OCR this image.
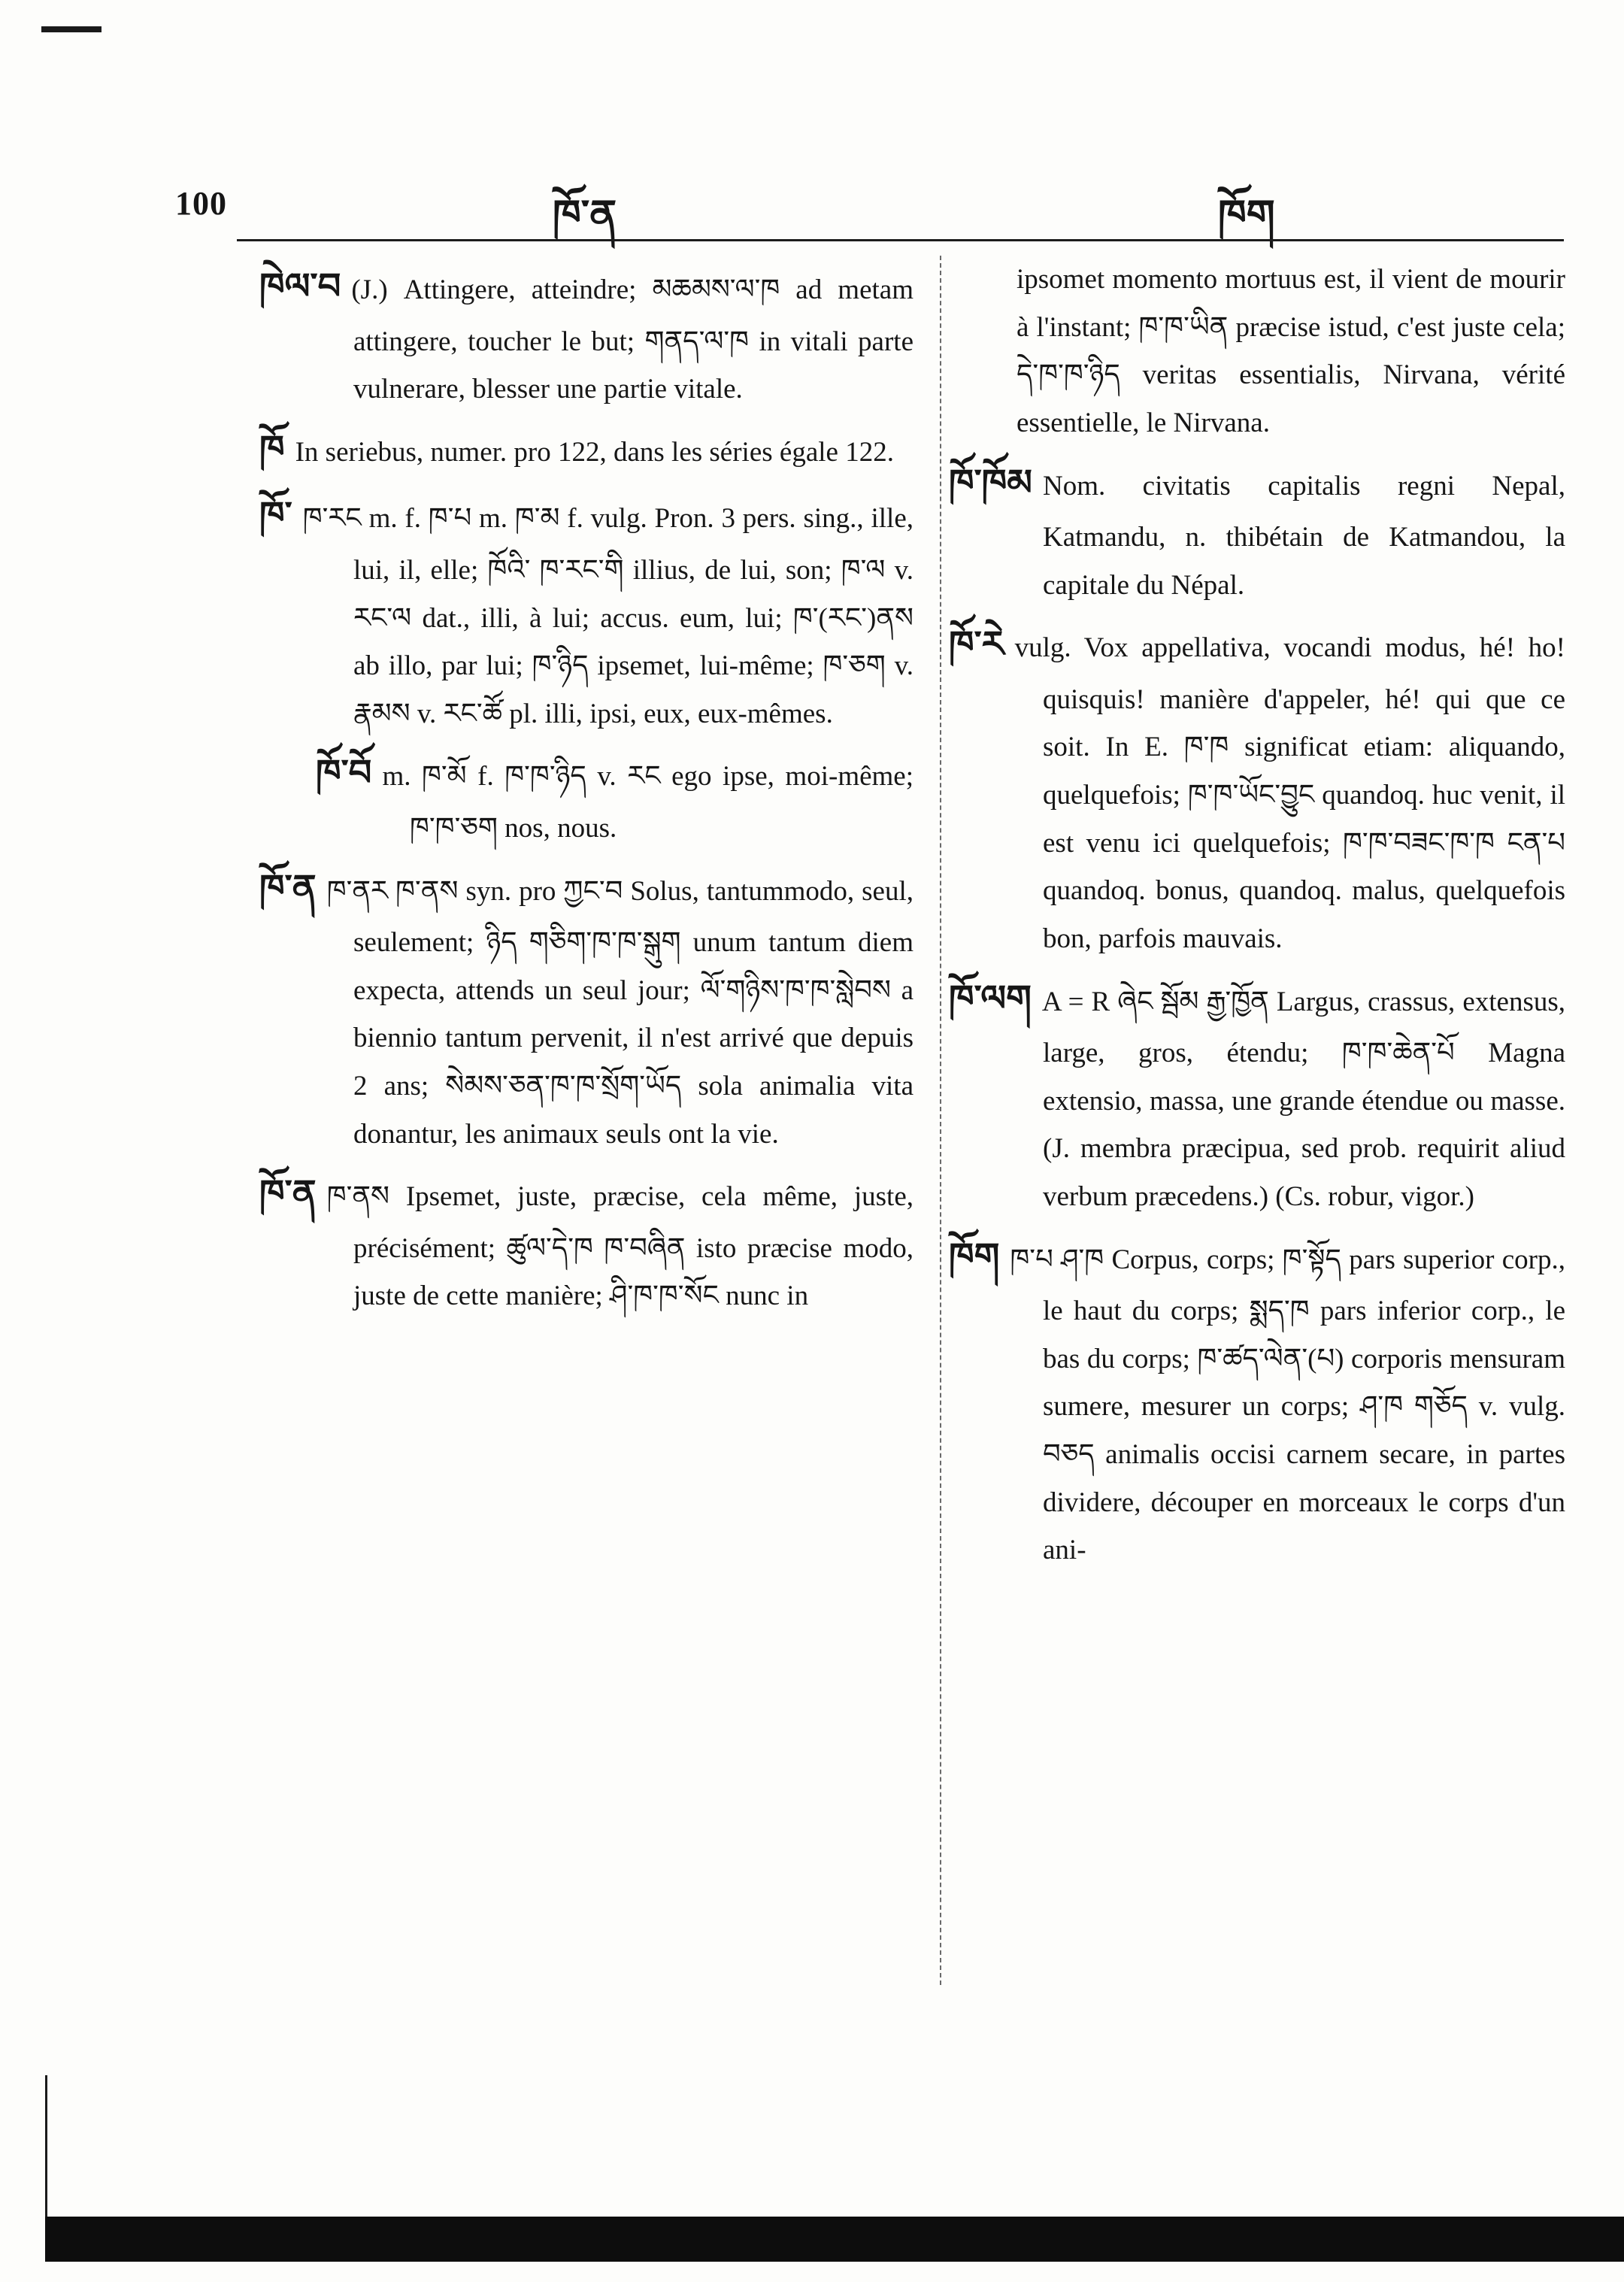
100	ཁོ་ན	ཁོག

ཁེལ་བ (J.) Attingere, atteindre; མཆམས་ལ་ཁ ad metam attingere, toucher le but; གནད་ལ་ཁ in vitali parte vulnerare, blesser une partie vitale.

ཁོ In seriebus, numer. pro 122, dans les séries égale 122.

ཁོ་ ཁ་རང m. f. ཁ་པ m. ཁ་མ f. vulg. Pron. 3 pers. sing., ille, lui, il, elle; ཁོའི་ ཁ་རང་གི illius, de lui, son; ཁ་ལ v. རང་ལ dat., illi, à lui; accus. eum, lui; ཁ་(རང་)ནས ab illo, par lui; ཁ་ཉིད ipsemet, lui-même; ཁ་ཅག v. རྣམས v. རང་ཚོ pl. illi, ipsi, eux, eux-mêmes.

ཁོ་བོ m. ཁ་མོ f. ཁ་ཁ་ཉིད v. རང ego ipse, moi-même; ཁ་ཁ་ཅག nos, nous.

ཁོ་ན ཁ་ནར ཁ་ནས syn. pro ཀྱང་བ Solus, tantummodo, seul, seulement; ཉིད གཅིག་ཁ་ཁ་སྒུག unum tantum diem expecta, attends un seul jour; ལོ་གཉིས་ཁ་ཁ་སླེབས a biennio tantum pervenit, il n'est arrivé que depuis 2 ans; སེམས་ཅན་ཁ་ཁ་སྲོག་ཡོད sola animalia vita donantur, les animaux seuls ont la vie.

ཁོ་ན ཁ་ནས Ipsemet, juste, præcise, cela même, juste, précisément; ཚུལ་དེ་ཁ ཁ་བཞིན isto præcise modo, juste de cette manière; ཤི་ཁ་ཁ་སོང nunc in

ipsomet momento mortuus est, il vient de mourir à l'instant; ཁ་ཁ་ཡིན præcise istud, c'est juste cela; དེ་ཁ་ཁ་ཉིད veritas essentialis, Nirvana, vérité essentielle, le Nirvana.

ཁོ་ཁོམ Nom. civitatis capitalis regni Nepal, Katmandu, n. thibétain de Katmandou, la capitale du Népal.

ཁོ་རེ vulg. Vox appellativa, vocandi modus, hé! ho! quisquis! manière d'appeler, hé! qui que ce soit. In E. ཁ་ཁ significat etiam: aliquando, quelquefois; ཁ་ཁ་ཡོང་བྱུང quandoq. huc venit, il est venu ici quelquefois; ཁ་ཁ་བཟང་ཁ་ཁ ངན་པ quandoq. bonus, quandoq. malus, quelquefois bon, parfois mauvais.

ཁོ་ལག A = R ཞེང སྦོམ རྒྱ་ཁྱོན Largus, crassus, extensus, large, gros, étendu; ཁ་ཁ་ཆེན་པོ Magna extensio, massa, une grande étendue ou masse. (J. membra præcipua, sed prob. requirit aliud verbum præcedens.) (Cs. robur, vigor.)

ཁོག ཁ་པ ཤ་ཁ Corpus, corps; ཁ་སྟོད pars superior corp., le haut du corps; སྨད་ཁ pars inferior corp., le bas du corps; ཁ་ཚད་ལེན་(པ) corporis mensuram sumere, mesurer un corps; ཤ་ཁ གཅོད v. vulg. བཅད animalis occisi carnem secare, in partes dividere, découper en morceaux le corps d'un ani-
